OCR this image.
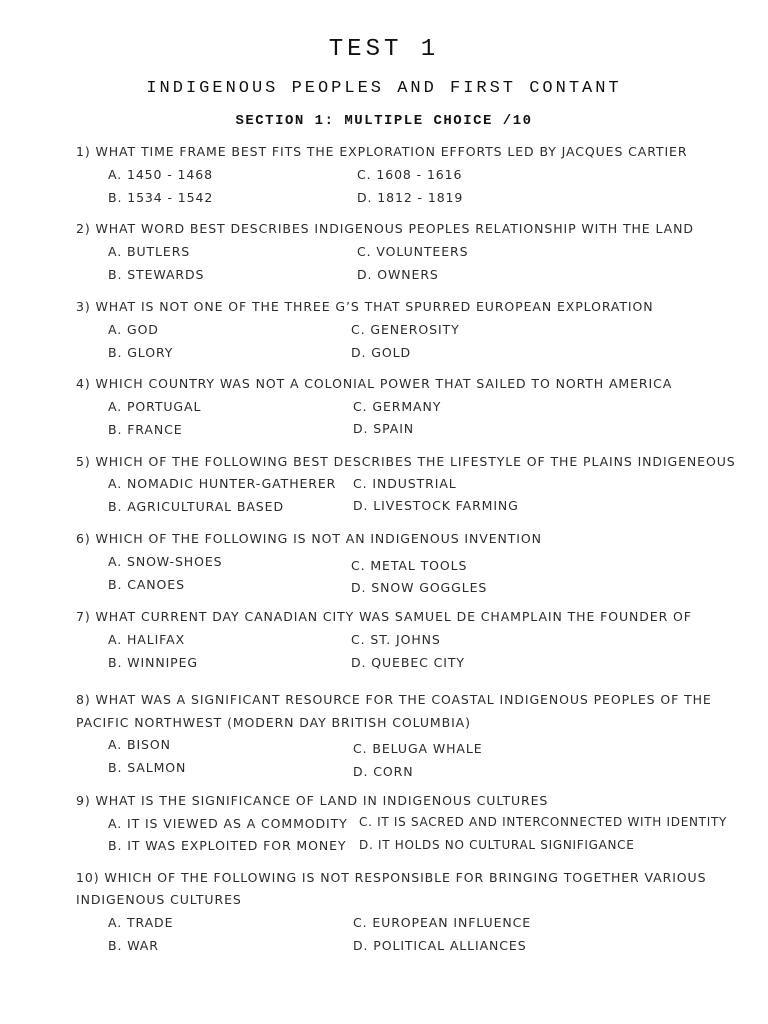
TEST 1
INDIGENOUS PEOPLES AND FIRST CONTANT
SECTION 1: MULTIPLE CHOICE /10
1) WHAT TIME FRAME BEST FITS THE EXPLORATION EFFORTS LED BY JACQUES CARTIER
A. 1450 - 1468
B. 1534 - 1542
C. 1608 - 1616
D. 1812 - 1819
2) WHAT WORD BEST DESCRIBES INDIGENOUS PEOPLES RELATIONSHIP WITH THE LAND
A. BUTLERS
B. STEWARDS
C. VOLUNTEERS
D. OWNERS
3) WHAT IS NOT ONE OF THE THREE G’S THAT SPURRED EUROPEAN EXPLORATION
A. GOD
B. GLORY
C. GENEROSITY
D. GOLD
4) WHICH COUNTRY WAS NOT A COLONIAL POWER THAT SAILED TO NORTH AMERICA
A. PORTUGAL
B. FRANCE
C. GERMANY
D. SPAIN
5) WHICH OF THE FOLLOWING BEST DESCRIBES THE LIFESTYLE OF THE PLAINS INDIGENEOUS
A. NOMADIC HUNTER-GATHERER
B. AGRICULTURAL BASED
C. INDUSTRIAL
D. LIVESTOCK FARMING
6) WHICH OF THE FOLLOWING IS NOT AN INDIGENOUS INVENTION
A. SNOW-SHOES
B. CANOES
C. METAL TOOLS
D. SNOW GOGGLES
7) WHAT CURRENT DAY CANADIAN CITY WAS SAMUEL DE CHAMPLAIN THE FOUNDER OF
A. HALIFAX
B. WINNIPEG
C. ST. JOHNS
D. QUEBEC CITY
8) WHAT WAS A SIGNIFICANT RESOURCE FOR THE COASTAL INDIGENOUS PEOPLES OF THE
PACIFIC NORTHWEST (MODERN DAY BRITISH COLUMBIA)
A. BISON
B. SALMON
C. BELUGA WHALE
D. CORN
9) WHAT IS THE SIGNIFICANCE OF LAND IN INDIGENOUS CULTURES
A. IT IS VIEWED AS A COMMODITY
B. IT WAS EXPLOITED FOR MONEY
C. IT IS SACRED AND INTERCONNECTED WITH IDENTITY
D. IT HOLDS NO CULTURAL SIGNIFIGANCE
10) WHICH OF THE FOLLOWING IS NOT RESPONSIBLE FOR BRINGING TOGETHER VARIOUS
INDIGENOUS CULTURES
A. TRADE
B. WAR
C. EUROPEAN INFLUENCE
D. POLITICAL ALLIANCES
